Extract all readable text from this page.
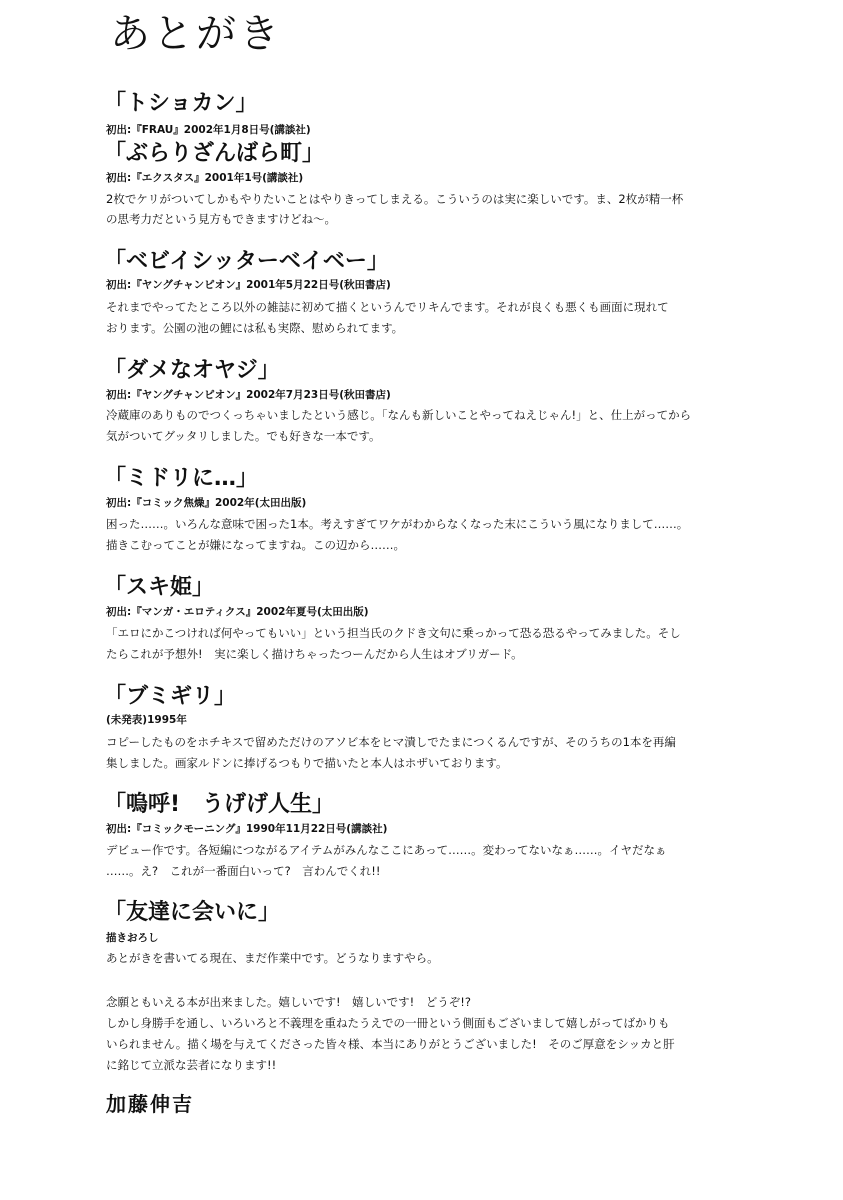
あとがき
「トショカン」
初出:『FRAU』2002年1月8日号(講談社)
「ぶらりざんばら町」
初出:『エクスタス』2001年1号(講談社)
2枚でケリがついてしかもやりたいことはやりきってしまえる。こういうのは実に楽しいです。ま、2枚が精一杯
の思考力だという見方もできますけどね〜。
「ベビイシッターベイベー」
初出:『ヤングチャンピオン』2001年5月22日号(秋田書店)
それまでやってたところ以外の雑誌に初めて描くというんでリキんでます。それが良くも悪くも画面に現れて
おります。公園の池の鯉には私も実際、慰められてます。
「ダメなオヤジ」
初出:『ヤングチャンピオン』2002年7月23日号(秋田書店)
冷蔵庫のありものでつくっちゃいましたという感じ。「なんも新しいことやってねえじゃん!」と、仕上がってから
気がついてグッタリしました。でも好きな一本です。
「ミドリに…」
初出:『コミック焦燥』2002年(太田出版)
困った……。いろんな意味で困った1本。考えすぎてワケがわからなくなった末にこういう風になりまして……。
描きこむってことが嫌になってますね。この辺から……。
「スキ姫」
初出:『マンガ・エロティクス』2002年夏号(太田出版)
「エロにかこつければ何やってもいい」という担当氏のクドき文句に乗っかって恐る恐るやってみました。そし
たらこれが予想外!　実に楽しく描けちゃったつーんだから人生はオブリガード。
「ブミギリ」
(未発表)1995年
コピーしたものをホチキスで留めただけのアソビ本をヒマ潰しでたまにつくるんですが、そのうちの1本を再編
集しました。画家ルドンに捧げるつもりで描いたと本人はホザいております。
「嗚呼!　うげげ人生」
初出:『コミックモーニング』1990年11月22日号(講談社)
デビュー作です。各短編につながるアイテムがみんなここにあって……。変わってないなぁ……。イヤだなぁ
……。え?　これが一番面白いって?　言わんでくれ!!
「友達に会いに」
描きおろし
あとがきを書いてる現在、まだ作業中です。どうなりますやら。
念願ともいえる本が出来ました。嬉しいです!　嬉しいです!　どうぞ!?
しかし身勝手を通し、いろいろと不義理を重ねたうえでの一冊という側面もございまして嬉しがってばかりも
いられません。描く場を与えてくださった皆々様、本当にありがとうございました!　そのご厚意をシッカと肝
に銘じて立派な芸者になります!!
加藤伸吉
